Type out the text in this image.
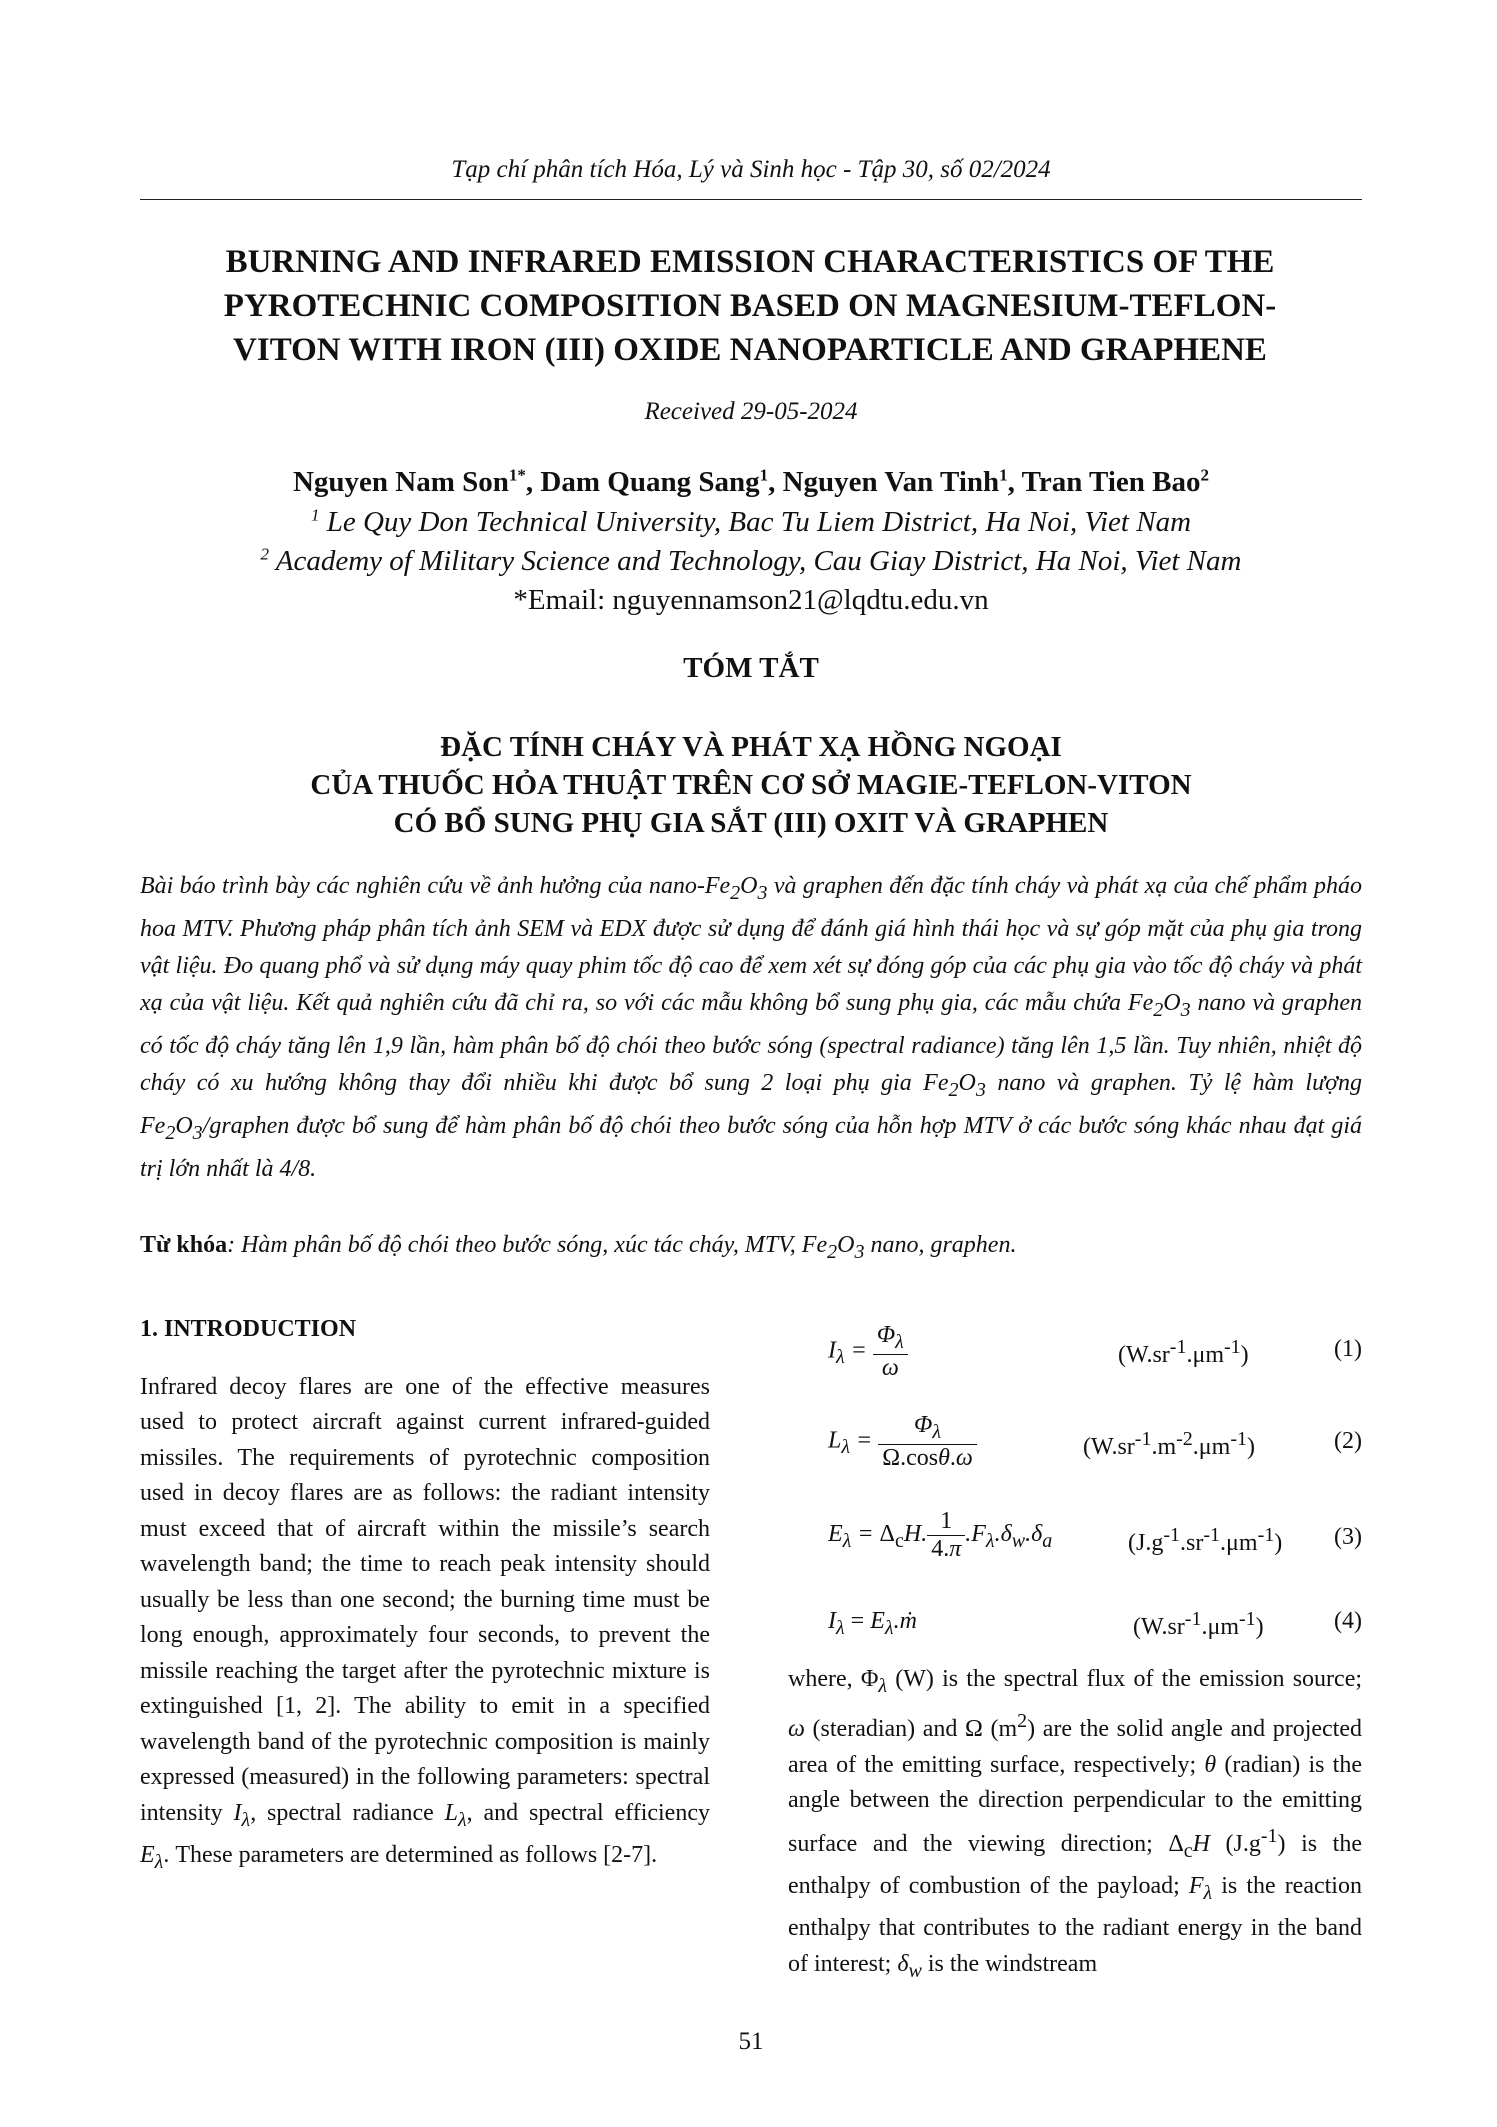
Tạp chí phân tích Hóa, Lý và Sinh học - Tập 30, số 02/2024
BURNING AND INFRARED EMISSION CHARACTERISTICS OF THE
PYROTECHNIC COMPOSITION BASED ON MAGNESIUM-TEFLON-
VITON WITH IRON (III) OXIDE NANOPARTICLE AND GRAPHENE
Received 29-05-2024
Nguyen Nam Son$^{1*}$, Dam Quang Sang$^1$, Nguyen Van Tinh$^1$, Tran Tien Bao$^2$
$^1$ Le Quy Don Technical University, Bac Tu Liem District, Ha Noi, Viet Nam
$^2$ Academy of Military Science and Technology, Cau Giay District, Ha Noi, Viet Nam
*Email: nguyennamson21@lqdtu.edu.vn
TÓM TẮT
ĐẶC TÍNH CHÁY VÀ PHÁT XẠ HỒNG NGOẠI
CỦA THUỐC HỎA THUẬT TRÊN CƠ SỞ MAGIE-TEFLON-VITON
CÓ BỔ SUNG PHỤ GIA SẮT (III) OXIT VÀ GRAPHEN
Bài báo trình bày các nghiên cứu về ảnh hưởng của nano-$Fe_2O_3$ và graphen đến đặc tính cháy và phát xạ của chế phẩm pháo hoa MTV. Phương pháp phân tích ảnh SEM và EDX được sử dụng để đánh giá hình thái học và sự góp mặt của phụ gia trong vật liệu. Đo quang phổ và sử dụng máy quay phim tốc độ cao để xem xét sự đóng góp của các phụ gia vào tốc độ cháy và phát xạ của vật liệu. Kết quả nghiên cứu đã chỉ ra, so với các mẫu không bổ sung phụ gia, các mẫu chứa $Fe_2O_3$ nano và graphen có tốc độ cháy tăng lên 1,9 lần, hàm phân bố độ chói theo bước sóng (spectral radiance) tăng lên 1,5 lần. Tuy nhiên, nhiệt độ cháy có xu hướng không thay đổi nhiều khi được bổ sung 2 loại phụ gia $Fe_2O_3$ nano và graphen. Tỷ lệ hàm lượng $Fe_2O_3$/graphen được bổ sung để hàm phân bố độ chói theo bước sóng của hỗn hợp MTV ở các bước sóng khác nhau đạt giá trị lớn nhất là 4/8.
Từ khóa: Hàm phân bố độ chói theo bước sóng, xúc tác cháy, MTV, $Fe_2O_3$ nano, graphen.
1. INTRODUCTION
Infrared decoy flares are one of the effective measures used to protect aircraft against current infrared-guided missiles. The requirements of pyrotechnic composition used in decoy flares are as follows: the radiant intensity must exceed that of aircraft within the missile’s search wavelength band; the time to reach peak intensity should usually be less than one second; the burning time must be long enough, approximately four seconds, to prevent the missile reaching the target after the pyrotechnic mixture is extinguished [1, 2]. The ability to emit in a specified wavelength band of the pyrotechnic composition is mainly expressed (measured) in the following parameters: spectral intensity $I_\lambda$, spectral radiance $L_\lambda$, and spectral efficiency $E_\lambda$. These parameters are determined as follows [2-7].
$I_\lambda = \frac{\Phi_\lambda}{\omega}$	$(W.sr^{-1}.\mu m^{-1})$	(1)
$L_\lambda = \frac{\Phi_\lambda}{\Omega.\cos\theta.\omega}$	$(W.sr^{-1}.m^{-2}.\mu m^{-1})$	(2)
$E_\lambda = \Delta_cH$. $\frac{1}{4.\pi} .F_\lambda.\delta_w.\delta_a$	$(J.g^{-1}.sr^{-1}.\mu m^{-1})$ (3)
$I_\lambda$ = $E_\lambda.ṁ$	$(W.sr^{-1}.\mu m^{-1})$	(4)
where, $\Phi_\lambda$ (W) is the spectral flux of the emission source; ω (steradian) and Ω $(m^2)$ are the solid angle and projected area of the emitting surface, respectively; θ (radian) is the angle between the direction perpendicular to the emitting surface and the viewing direction; $\Delta_cH$ $(J.g^{-1})$ is the enthalpy of combustion of the payload; $F_\lambda$ is the reaction enthalpy that contributes to the radiant energy in the band of interest; $\delta_w$ is the windstream
51
